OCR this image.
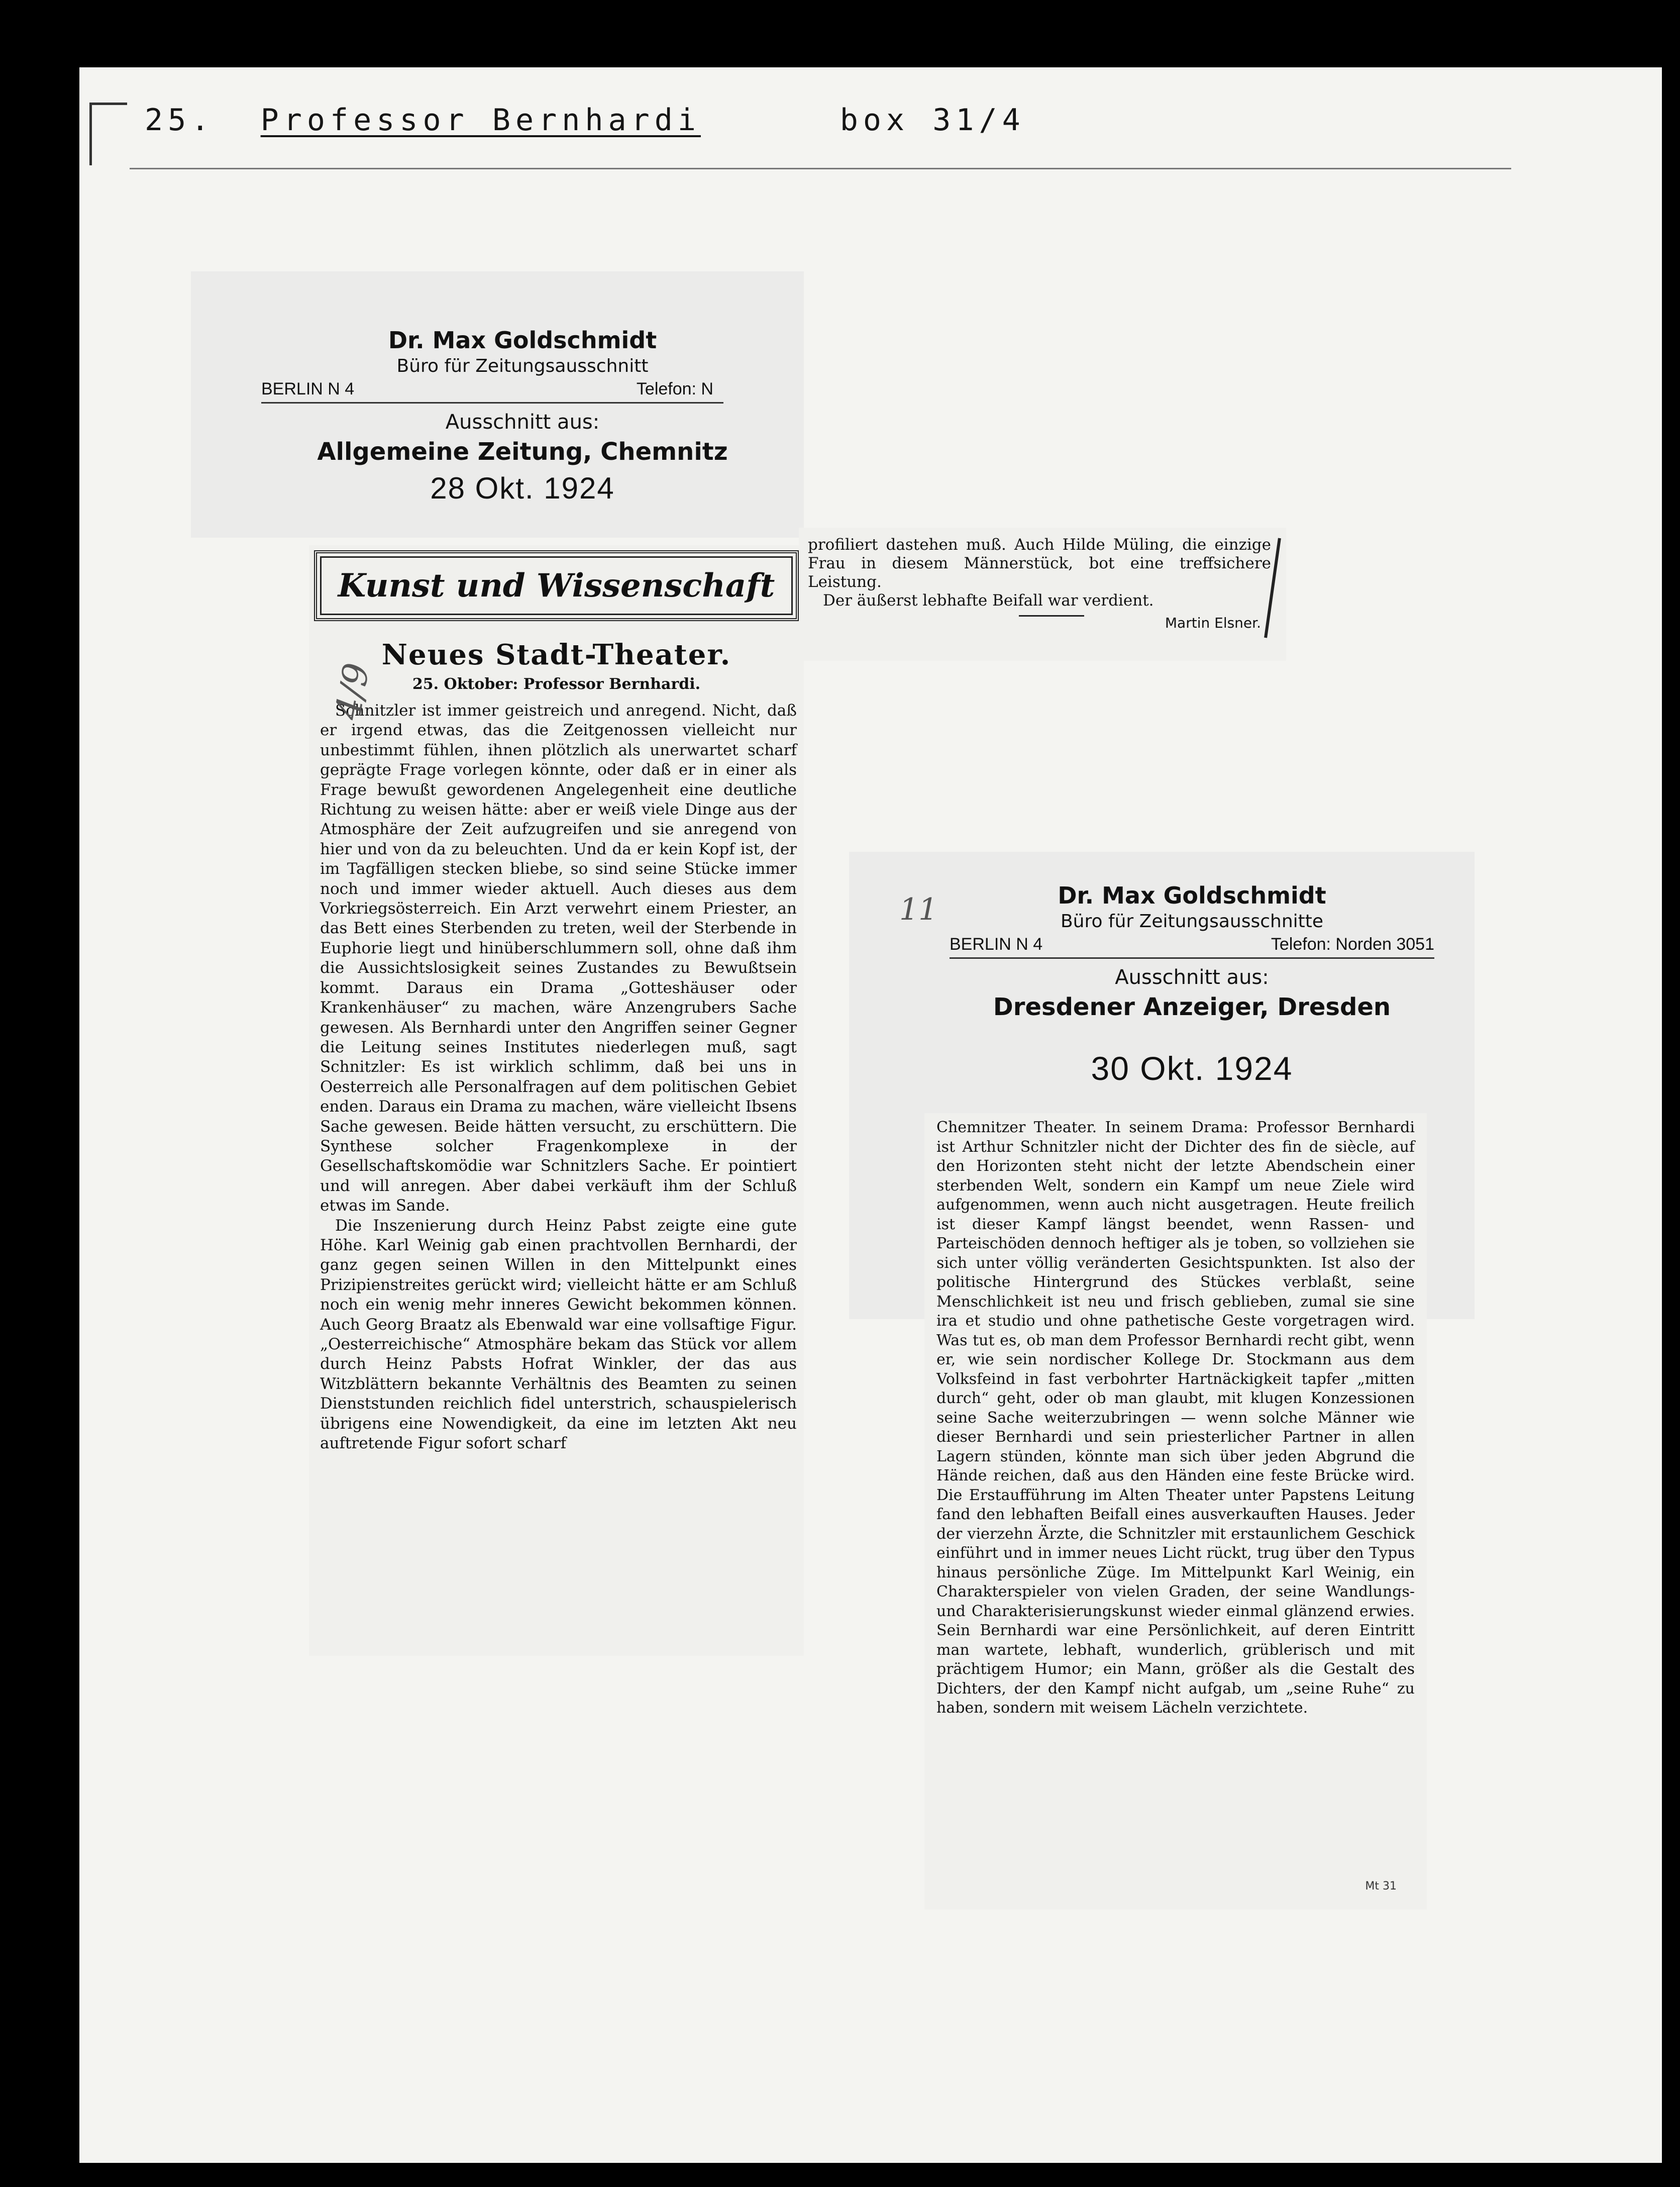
25. Professor Bernhardi	box 31/4
Dr. Max Goldschmidt
Büro für Zeitungsausschnitt
BERLIN N 4	Telefon: N
Ausschnitt aus:
Allgemeine Zeitung, Chemnitz
28 Okt. 1924
Kunst und Wissenschaft
4/9
Neues Stadt-Theater.
25. Oktober: Professor Bernhardi.

Schnitzler ist immer geistreich und anregend. Nicht, daß er irgend etwas, das die Zeitgenossen vielleicht nur unbestimmt fühlen, ihnen plötzlich als unerwartet scharf geprägte Frage vorlegen könnte, oder daß er in einer als Frage bewußt gewordenen Angelegenheit eine deutliche Richtung zu weisen hätte: aber er weiß viele Dinge aus der Atmosphäre der Zeit aufzugreifen und sie anregend von hier und von da zu beleuchten. Und da er kein Kopf ist, der im Tagfälligen stecken bliebe, so sind seine Stücke immer noch und immer wieder aktuell. Auch dieses aus dem Vorkriegsösterreich. Ein Arzt verwehrt einem Priester, an das Bett eines Sterbenden zu treten, weil der Sterbende in Euphorie liegt und hinüberschlummern soll, ohne daß ihm die Aussichtslosigkeit seines Zustandes zu Bewußtsein kommt. Daraus ein Drama „Gotteshäuser oder Krankenhäuser“ zu machen, wäre Anzengrubers Sache gewesen. Als Bernhardi unter den Angriffen seiner Gegner die Leitung seines Institutes niederlegen muß, sagt Schnitzler: Es ist wirklich schlimm, daß bei uns in Oesterreich alle Personalfragen auf dem politischen Gebiet enden. Daraus ein Drama zu machen, wäre vielleicht Ibsens Sache gewesen. Beide hätten versucht, zu erschüttern. Die Synthese solcher Fragenkomplexe in der Gesellschaftskomödie war Schnitzlers Sache. Er pointiert und will anregen. Aber dabei verkäuft ihm der Schluß etwas im Sande.

Die Inszenierung durch Heinz Pabst zeigte eine gute Höhe. Karl Weinig gab einen prachtvollen Bernhardi, der ganz gegen seinen Willen in den Mittelpunkt eines Prizipienstreites gerückt wird; vielleicht hätte er am Schluß noch ein wenig mehr inneres Gewicht bekommen können. Auch Georg Braatz als Ebenwald war eine vollsaftige Figur. „Oesterreichische“ Atmosphäre bekam das Stück vor allem durch Heinz Pabsts Hofrat Winkler, der das aus Witzblättern bekannte Verhältnis des Beamten zu seinen Dienststunden reichlich fidel unterstrich, schauspielerisch übrigens eine Nowendigkeit, da eine im letzten Akt neu auftretende Figur sofort scharf

profiliert dastehen muß. Auch Hilde Müling, die einzige Frau in diesem Männerstück, bot eine treffsichere Leistung.

Der äußerst lebhafte Beifall war verdient.

Martin Elsner.
11	Dr. Max Goldschmidt
Büro für Zeitungsausschnitte
BERLIN N 4	Telefon: Norden 3051
Ausschnitt aus:
Dresdener Anzeiger, Dresden
30 Okt. 1924

Chemnitzer Theater. In seinem Drama: Professor Bernhardi ist Arthur Schnitzler nicht der Dichter des fin de siècle, auf den Horizonten steht nicht der letzte Abendschein einer sterbenden Welt, sondern ein Kampf um neue Ziele wird aufgenommen, wenn auch nicht ausgetragen. Heute freilich ist dieser Kampf längst beendet, wenn Rassen- und Parteischöden dennoch heftiger als je toben, so vollziehen sie sich unter völlig veränderten Gesichtspunkten. Ist also der politische Hintergrund des Stückes verblaßt, seine Menschlichkeit ist neu und frisch geblieben, zumal sie sine ira et studio und ohne pathetische Geste vorgetragen wird. Was tut es, ob man dem Professor Bernhardi recht gibt, wenn er, wie sein nordischer Kollege Dr. Stockmann aus dem Volksfeind in fast verbohrter Hartnäckigkeit tapfer „mitten durch“ geht, oder ob man glaubt, mit klugen Konzessionen seine Sache weiterzubringen — wenn solche Männer wie dieser Bernhardi und sein priesterlicher Partner in allen Lagern stünden, könnte man sich über jeden Abgrund die Hände reichen, daß aus den Händen eine feste Brücke wird. Die Erstaufführung im Alten Theater unter Papstens Leitung fand den lebhaften Beifall eines ausverkauften Hauses. Jeder der vierzehn Ärzte, die Schnitzler mit erstaunlichem Geschick einführt und in immer neues Licht rückt, trug über den Typus hinaus persönliche Züge. Im Mittelpunkt Karl Weinig, ein Charakterspieler von vielen Graden, der seine Wandlungs- und Charakterisierungskunst wieder einmal glänzend erwies. Sein Bernhardi war eine Persönlichkeit, auf deren Eintritt man wartete, lebhaft, wunderlich, grüblerisch und mit prächtigem Humor; ein Mann, größer als die Gestalt des Dichters, der den Kampf nicht aufgab, um „seine Ruhe“ zu haben, sondern mit weisem Lächeln verzichtete.

Mt 31
